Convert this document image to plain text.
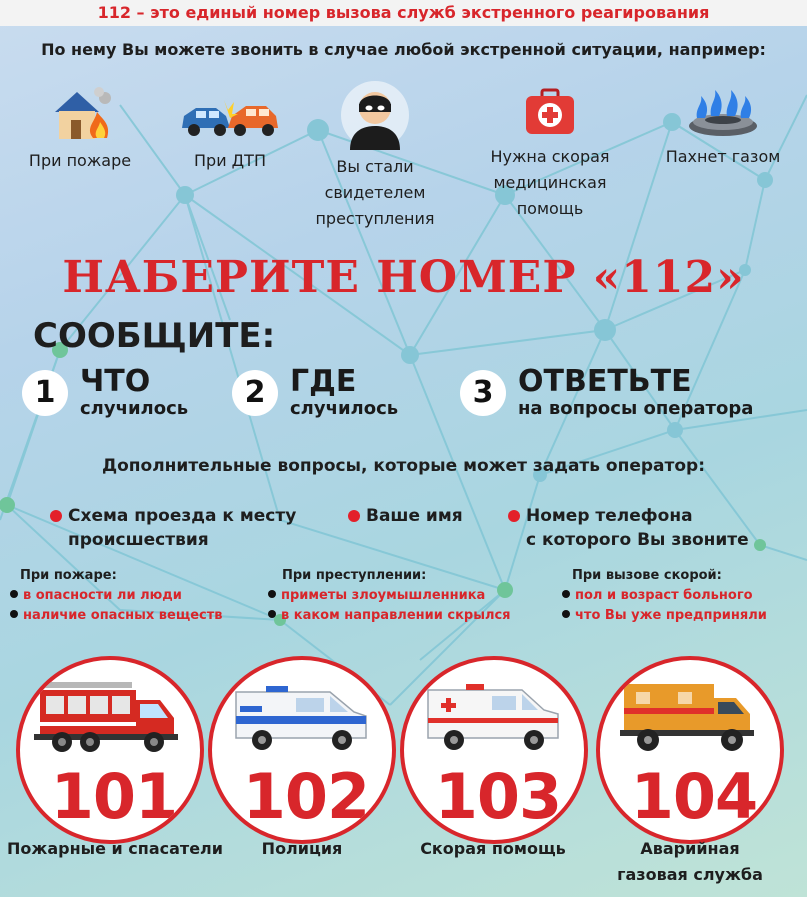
112 – это единый номер вызова служб экстренного реагирования
По нему Вы можете звонить в случае любой экстренной ситуации, например:
При пожаре	При ДТП	Вы стали свидетелем преступления
Нужна скорая медицинская помощь
Пахнет газом
НАБЕРИТЕ НОМЕР «112»
СООБЩИТЕ:
1 ЧТО
случилось	2 ГДЕ
случилось	3 ОТВЕТЬТЕ
на вопросы оператора
Дополнительные вопросы, которые может задать оператор:
Схема проезда к месту
происшествия
Ваше имя	Номер телефона
с которого Вы звоните
При пожаре:
в опасности ли люди
наличие опасных веществ
При преступлении:
приметы злоумышленника
в каком направлении скрылся
При вызове скорой:
пол и возраст больного
что Вы уже предприняли
101
Пожарные и спасатели
102
Полиция
103
Скорая помощь
104
Аварийная газовая служба
